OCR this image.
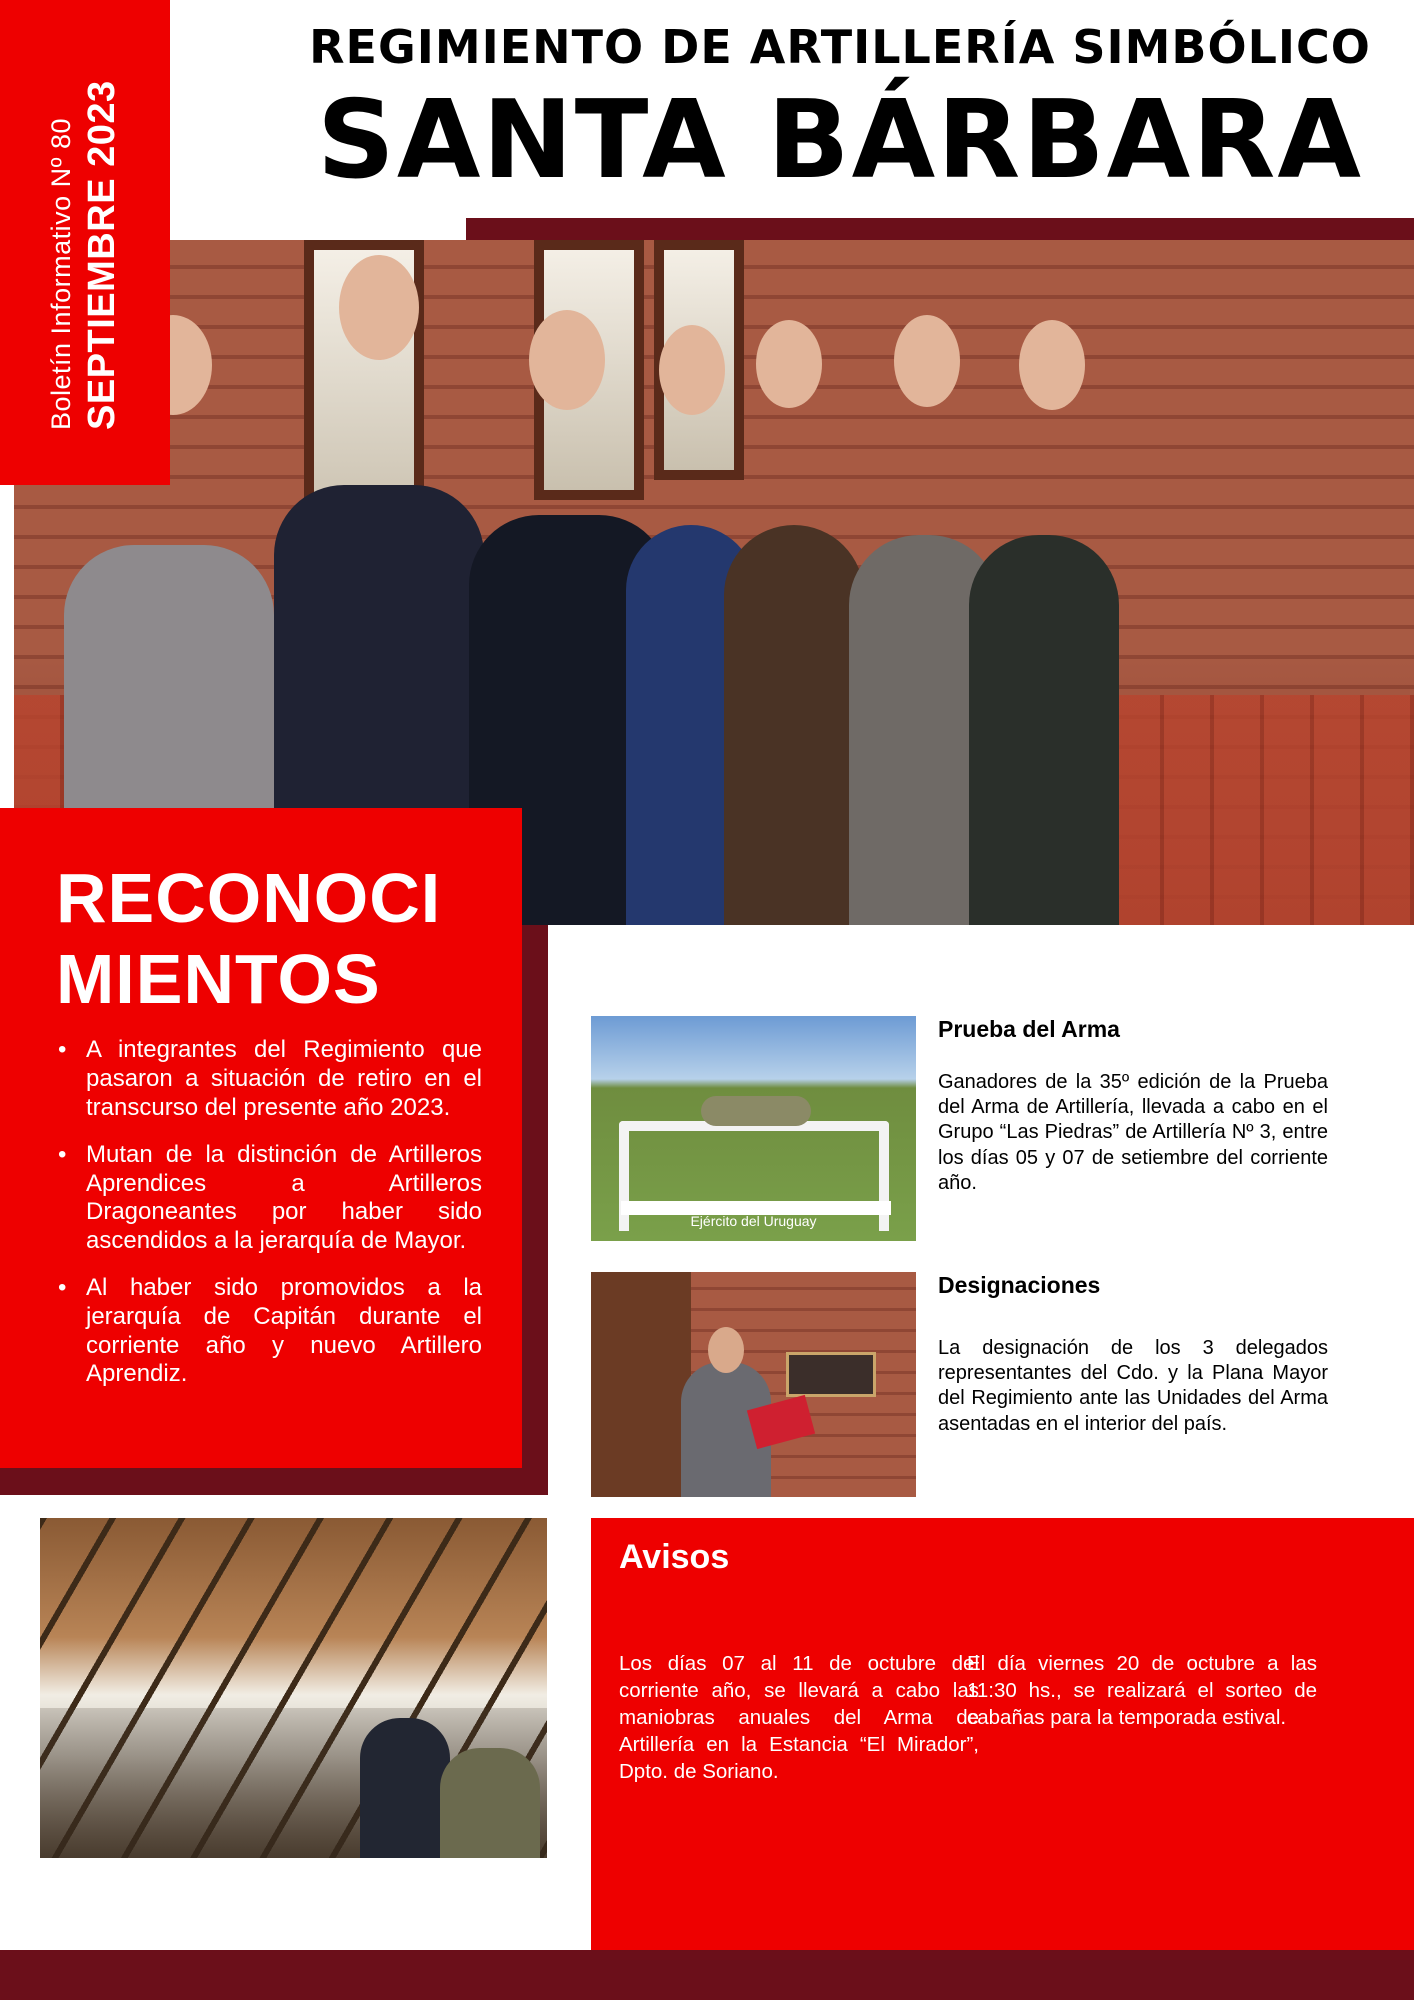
REGIMIENTO DE ARTILLERÍA SIMBÓLICO
SANTA BÁRBARA
Boletín Informativo Nº 80 SEPTIEMBRE 2023
RECONOCIMIENTOS
• A integrantes del Regimiento que pasaron a situación de retiro en el transcurso del presente año 2023.
• Mutan de la distinción de Artilleros Aprendices a Artilleros Dragoneantes por haber sido ascendidos a la jerarquía de Mayor.
• Al haber sido promovidos a la jerarquía de Capitán durante el corriente año y nuevo Artillero Aprendiz.
Ejército del Uruguay
Prueba del Arma
Ganadores de la 35º edición de la Prueba del Arma de Artillería, llevada a cabo en el Grupo “Las Piedras” de Artillería Nº 3, entre los días 05 y 07 de setiembre del corriente año.
Designaciones
La designación de los 3 delegados representantes del Cdo. y la Plana Mayor del Regimiento ante las Unidades del Arma asentadas en el interior del país.
Avisos
Los días 07 al 11 de octubre del corriente año, se llevará a cabo las maniobras anuales del Arma de Artillería en la Estancia “El Mirador”, Dpto. de Soriano.
El día viernes 20 de octubre a las 11:30 hs., se realizará el sorteo de cabañas para la temporada estival.
